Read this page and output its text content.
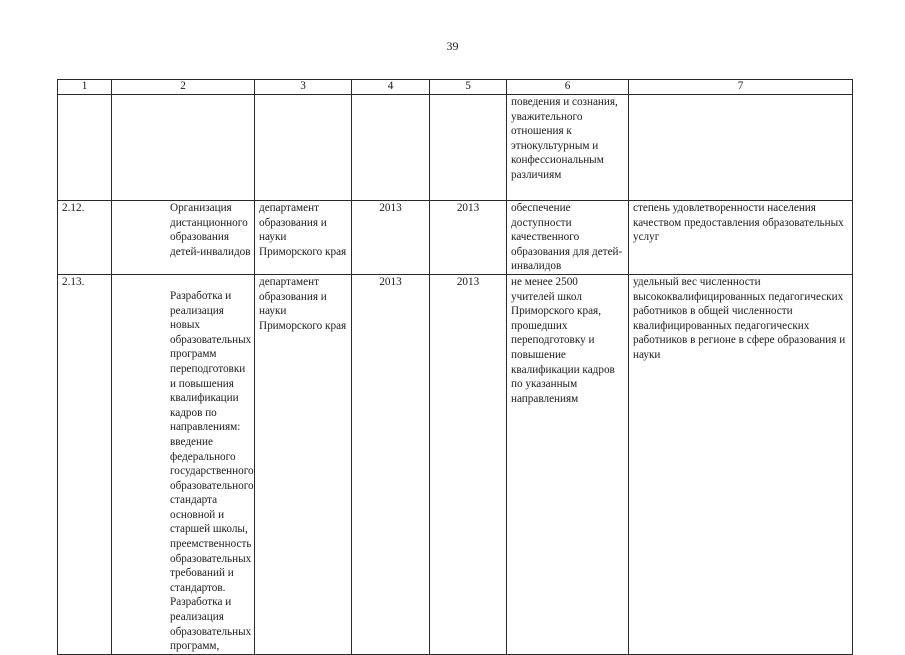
39
1	2	3	4	5	6	7
					поведения и сознания, уважительного отношения к этнокультурным и конфессиональным различиям	
2.12.	Организация дистанционного образования детей-инвалидов	департамент образования и науки Приморского края	2013	2013	обеспечение доступности качественного образования для детей-инвалидов	степень удовлетворенности населения качеством предоставления образовательных услуг
2.13.	Разработка и реализация новых образовательных программ переподготовки и повышения квалификации кадров по направлениям: введение федерального государственного образовательного стандарта основной и старшей школы, преемственность образовательных требований и стандартов. Разработка и реализация образовательных программ,	департамент образования и науки Приморского края	2013	2013	не менее 2500 учителей школ Приморского края, прошедших переподготовку и повышение квалификации кадров по указанным направлениям	удельный вес численности высококвалифицированных педагогических работников в общей численности квалифицированных педагогических работников в регионе в сфере образования и науки
